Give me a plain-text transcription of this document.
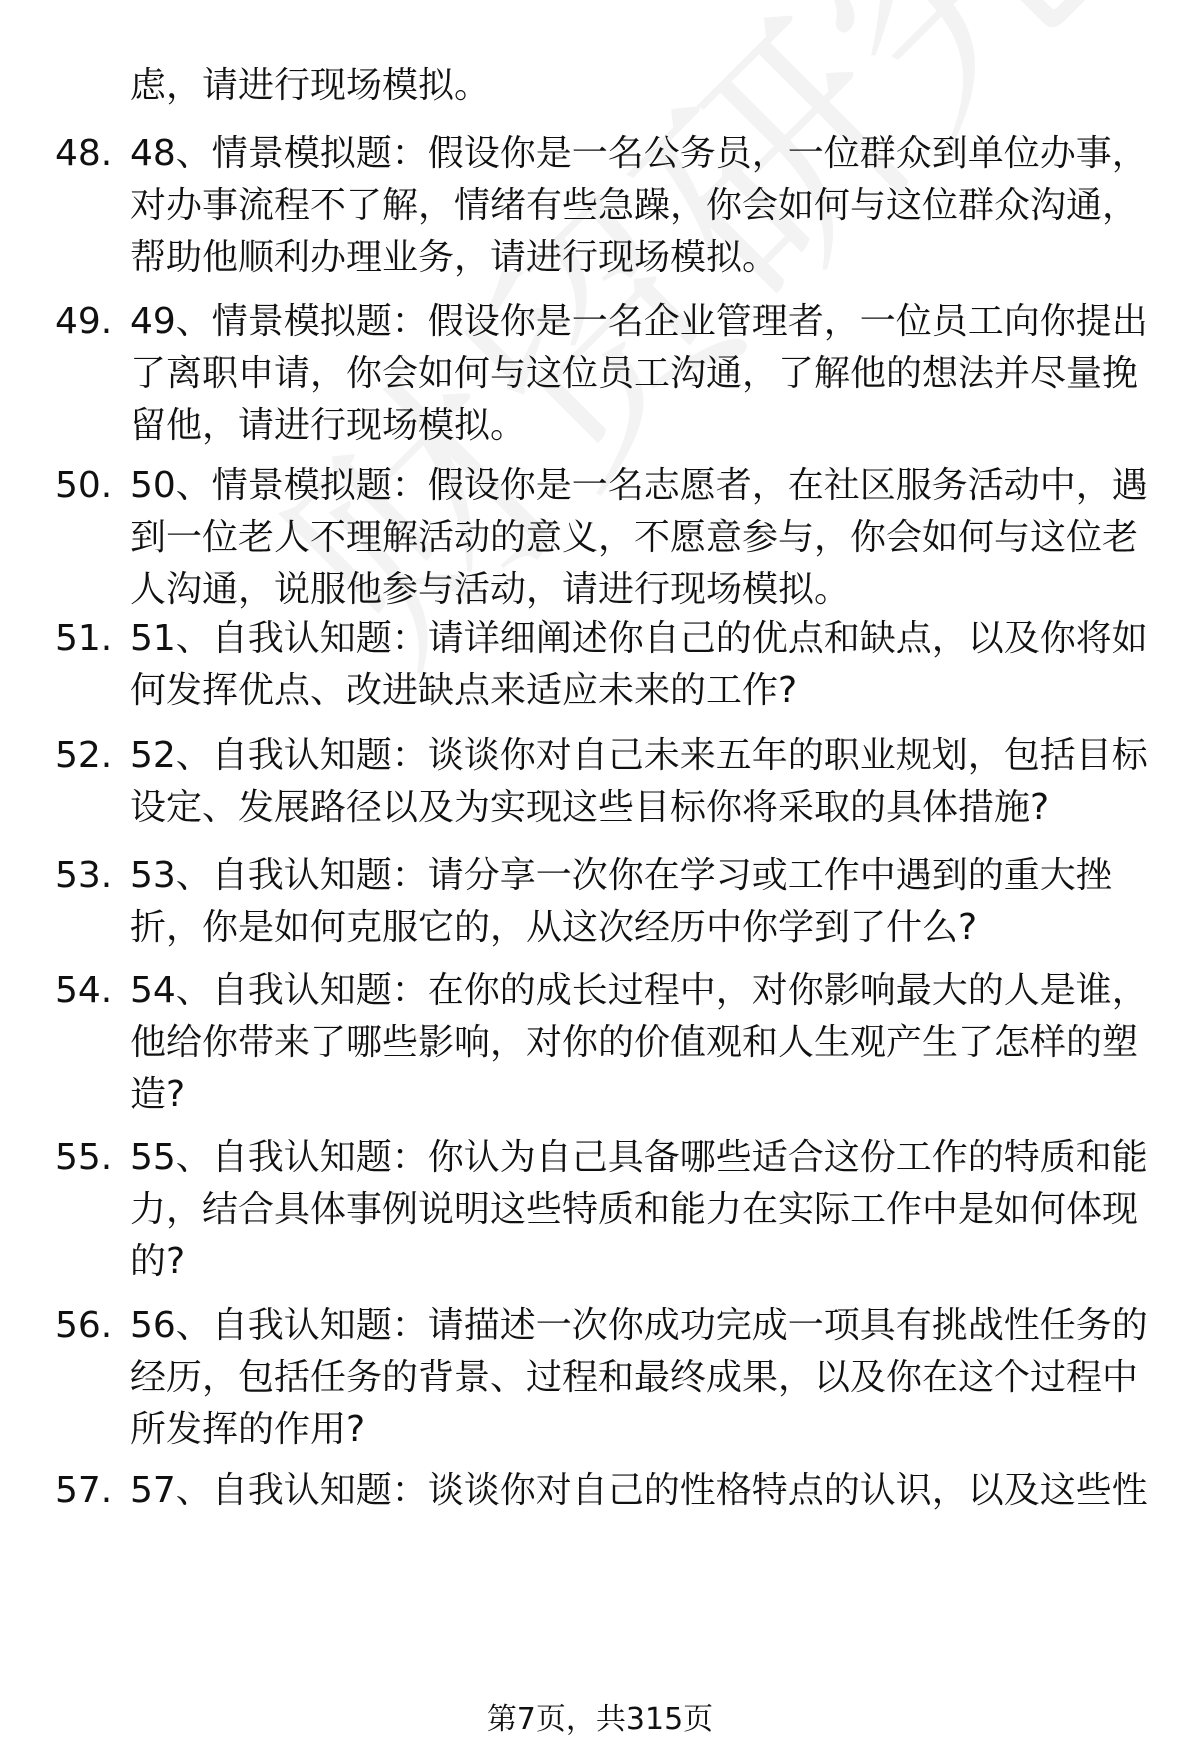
虑，请进行现场模拟。

48. 48、情景模拟题：假设你是一名公务员，一位群众到单位办事，对办事流程不了解，情绪有些急躁，你会如何与这位群众沟通，帮助他顺利办理业务，请进行现场模拟。

49. 49、情景模拟题：假设你是一名企业管理者，一位员工向你提出了离职申请，你会如何与这位员工沟通，了解他的想法并尽量挽留他，请进行现场模拟。

50. 50、情景模拟题：假设你是一名志愿者，在社区服务活动中，遇到一位老人不理解活动的意义，不愿意参与，你会如何与这位老人沟通，说服他参与活动，请进行现场模拟。

51. 51、自我认知题：请详细阐述你自己的优点和缺点，以及你将如何发挥优点、改进缺点来适应未来的工作?

52. 52、自我认知题：谈谈你对自己未来五年的职业规划，包括目标设定、发展路径以及为实现这些目标你将采取的具体措施?

53. 53、自我认知题：请分享一次你在学习或工作中遇到的重大挫折，你是如何克服它的，从这次经历中你学到了什么?

54. 54、自我认知题：在你的成长过程中，对你影响最大的人是谁，他给你带来了哪些影响，对你的价值观和人生观产生了怎样的塑造?

55. 55、自我认知题：你认为自己具备哪些适合这份工作的特质和能力，结合具体事例说明这些特质和能力在实际工作中是如何体现的?

56. 56、自我认知题：请描述一次你成功完成一项具有挑战性任务的经历，包括任务的背景、过程和最终成果，以及你在这个过程中所发挥的作用?

57. 57、自我认知题：谈谈你对自己的性格特点的认识，以及这些性

第7页，共315页
